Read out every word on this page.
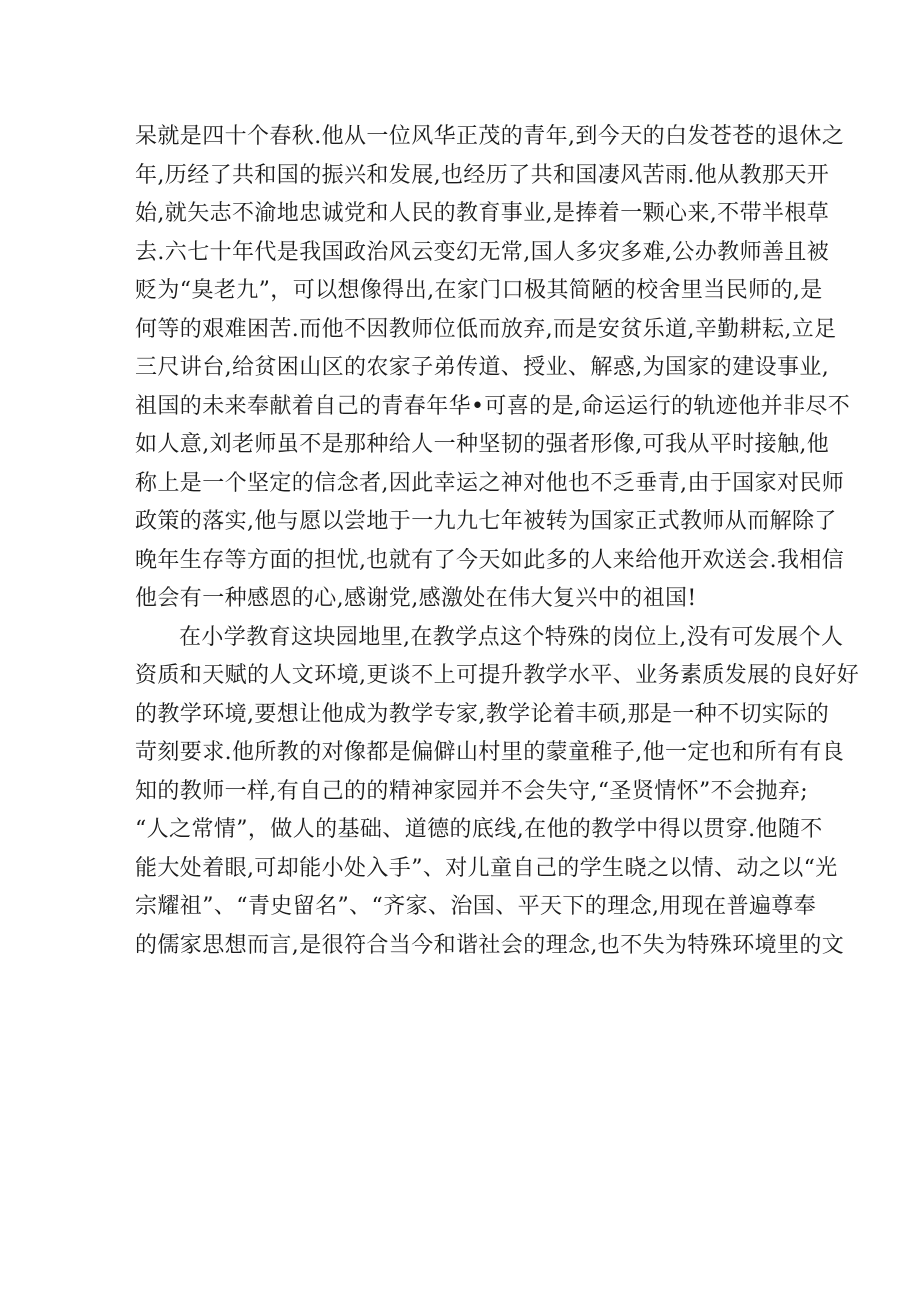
呆就是四十个春秋.他从一位风华正茂的青年,到今天的白发苍苍的退休之
年,历经了共和国的振兴和发展,也经历了共和国凄风苦雨.他从教那天开
始,就矢志不渝地忠诚党和人民的教育事业,是捧着一颗心来,不带半根草
去.六七十年代是我国政治风云变幻无常,国人多灾多难,公办教师善且被
贬为“臭老九”，可以想像得出,在家门口极其简陋的校舍里当民师的,是
何等的艰难困苦.而他不因教师位低而放弃,而是安贫乐道,辛勤耕耘,立足
三尺讲台,给贫困山区的农家子弟传道、授业、解惑,为国家的建设事业,
祖国的未来奉献着自己的青春年华•可喜的是,命运运行的轨迹他并非尽不
如人意,刘老师虽不是那种给人一种坚韧的强者形像,可我从平时接触,他
称上是一个坚定的信念者,因此幸运之神对他也不乏垂青,由于国家对民师
政策的落实,他与愿以尝地于一九九七年被转为国家正式教师从而解除了
晚年生存等方面的担忧,也就有了今天如此多的人来给他开欢送会.我相信
他会有一种感恩的心,感谢党,感激处在伟大复兴中的祖国!
在小学教育这块园地里,在教学点这个特殊的岗位上,没有可发展个人
资质和天赋的人文环境,更谈不上可提升教学水平、业务素质发展的良好好
的教学环境,要想让他成为教学专家,教学论着丰硕,那是一种不切实际的
苛刻要求.他所教的对像都是偏僻山村里的蒙童稚子,他一定也和所有有良
知的教师一样,有自己的的精神家园并不会失守,“圣贤情怀”不会抛弃;
“人之常情”，做人的基础、道德的底线,在他的教学中得以贯穿.他随不
能大处着眼,可却能小处入手”、对儿童自己的学生晓之以情、动之以“光
宗耀祖”、“青史留名”、“齐家、治国、平天下的理念,用现在普遍尊奉
的儒家思想而言,是很符合当今和谐社会的理念,也不失为特殊环境里的文
